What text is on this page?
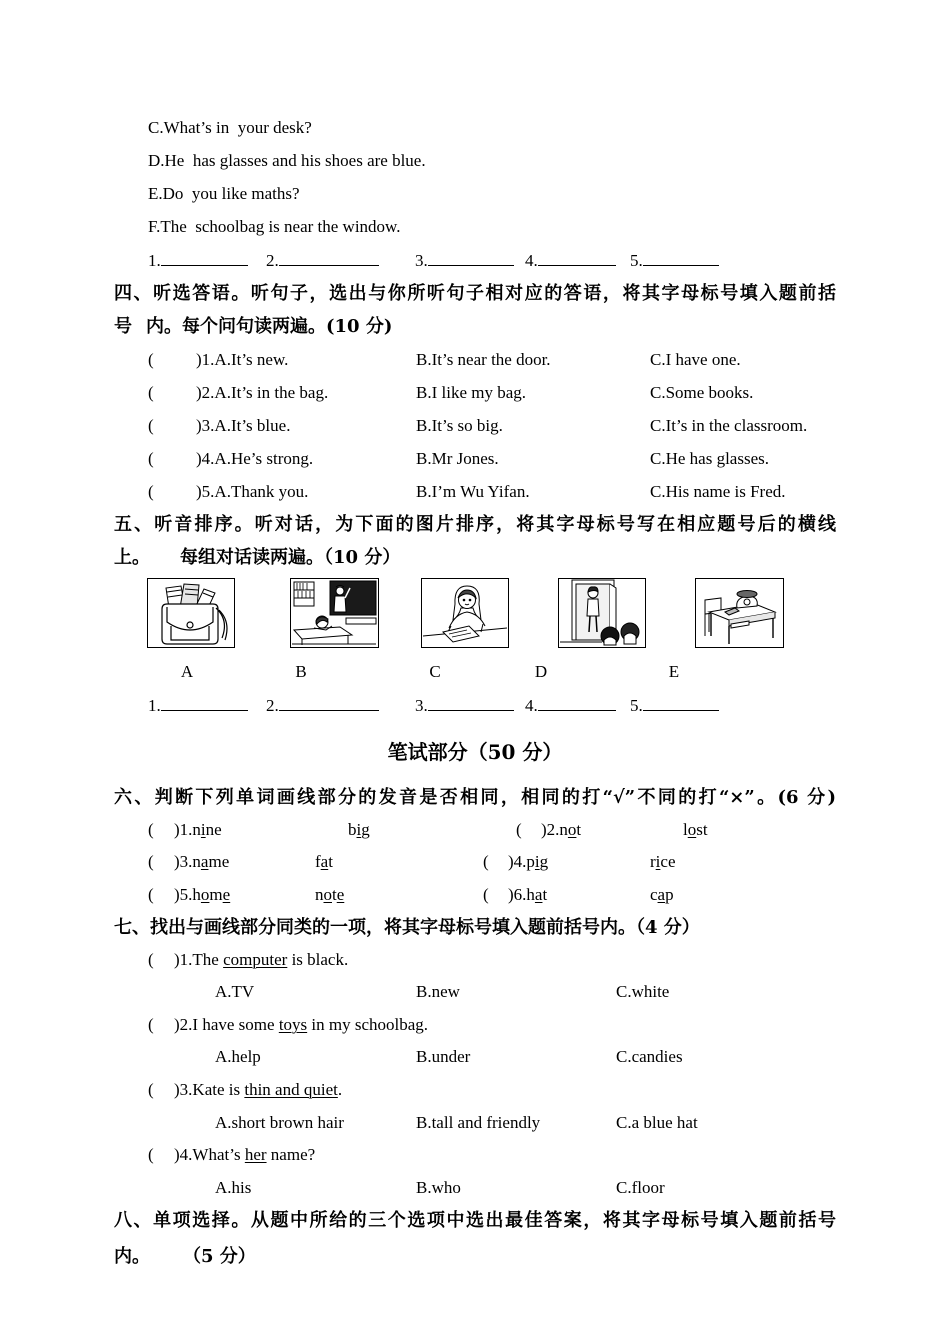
C.What’s in  your desk?
D.He  has glasses and his shoes are blue.
E.Do  you like maths?
F.The  schoolbag is near the window.
1.	2.	3.	4.	5.
四、听选答语。听句子，选出与你所听句子相对应的答语，将其字母标号填入题前括
号 内。每个问句读两遍。(10 分)
( )1.A.It’s new.	B.It’s near the door.	C.I have one.
( )2.A.It’s in the bag.	B.I like my bag.	C.Some books.
( )3.A.It’s blue.	B.It’s so big.	C.It’s in the classroom.
( )4.A.He’s strong.	B.Mr Jones.	C.He has glasses.
( )5.A.Thank you.	B.I’m Wu Yifan.	C.His name is Fred.
五、听音排序。听对话，为下面的图片排序，将其字母标号写在相应题号后的横线
上。 每组对话读两遍。（10 分）
A	B	C	D	E
1.	2.	3.	4.	5.
笔试部分（50 分）
六、判断下列单词画线部分的发音是否相同，相同的打“√”不同的打“×”。(6 分)
( )1.nine	big	( )2.not	lost
( )3.name	fat	( )4.pig	rice
( )5.home	note	( )6.hat	cap
七、找出与画线部分同类的一项，将其字母标号填入题前括号内。（4 分）
( )1.The computer is black.
A.TV	B.new	C.white
( )2.I have some toys in my schoolbag.
A.help	B.under	C.candies
( )3.Kate is thin and quiet.
A.short brown hair	B.tall and friendly	C.a blue hat
( )4.What’s her name?
A.his	B.who	C.floor
八、单项选择。从题中所给的三个选项中选出最佳答案，将其字母标号填入题前括号
内。 （5 分）
